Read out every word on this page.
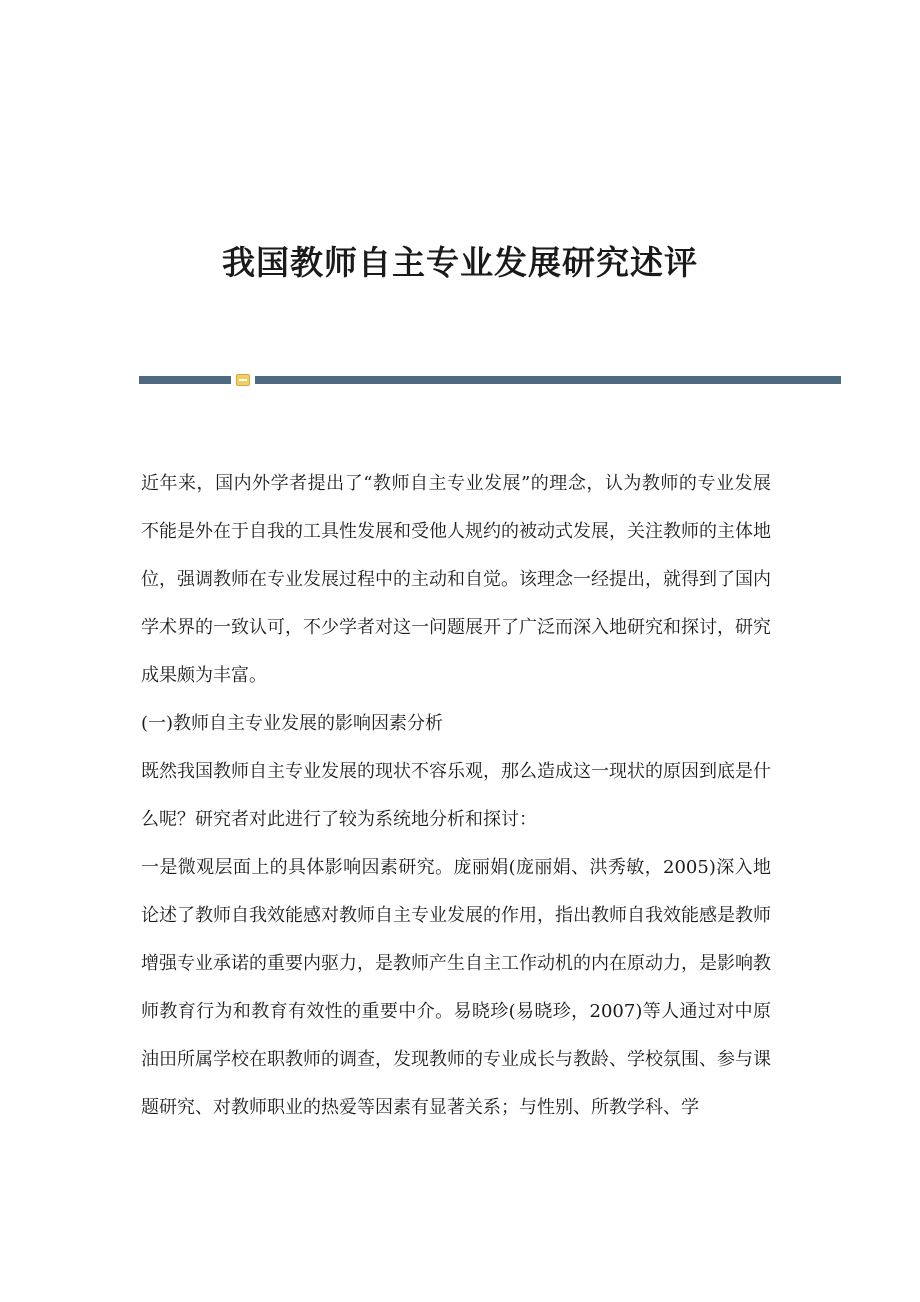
我国教师自主专业发展研究述评

近年来，国内外学者提出了“教师自主专业发展”的理念，认为教师的专业发展不能是外在于自我的工具性发展和受他人规约的被动式发展，关注教师的主体地位，强调教师在专业发展过程中的主动和自觉。该理念一经提出，就得到了国内学术界的一致认可，不少学者对这一问题展开了广泛而深入地研究和探讨，研究成果颇为丰富。

(一)教师自主专业发展的影响因素分析

既然我国教师自主专业发展的现状不容乐观，那么造成这一现状的原因到底是什么呢？研究者对此进行了较为系统地分析和探讨：

一是微观层面上的具体影响因素研究。庞丽娟(庞丽娟、洪秀敏，2005)深入地论述了教师自我效能感对教师自主专业发展的作用，指出教师自我效能感是教师增强专业承诺的重要内驱力，是教师产生自主工作动机的内在原动力，是影响教师教育行为和教育有效性的重要中介。易晓珍(易晓珍，2007)等人通过对中原油田所属学校在职教师的调查，发现教师的专业成长与教龄、学校氛围、参与课题研究、对教师职业的热爱等因素有显著关系；与性别、所教学科、学
